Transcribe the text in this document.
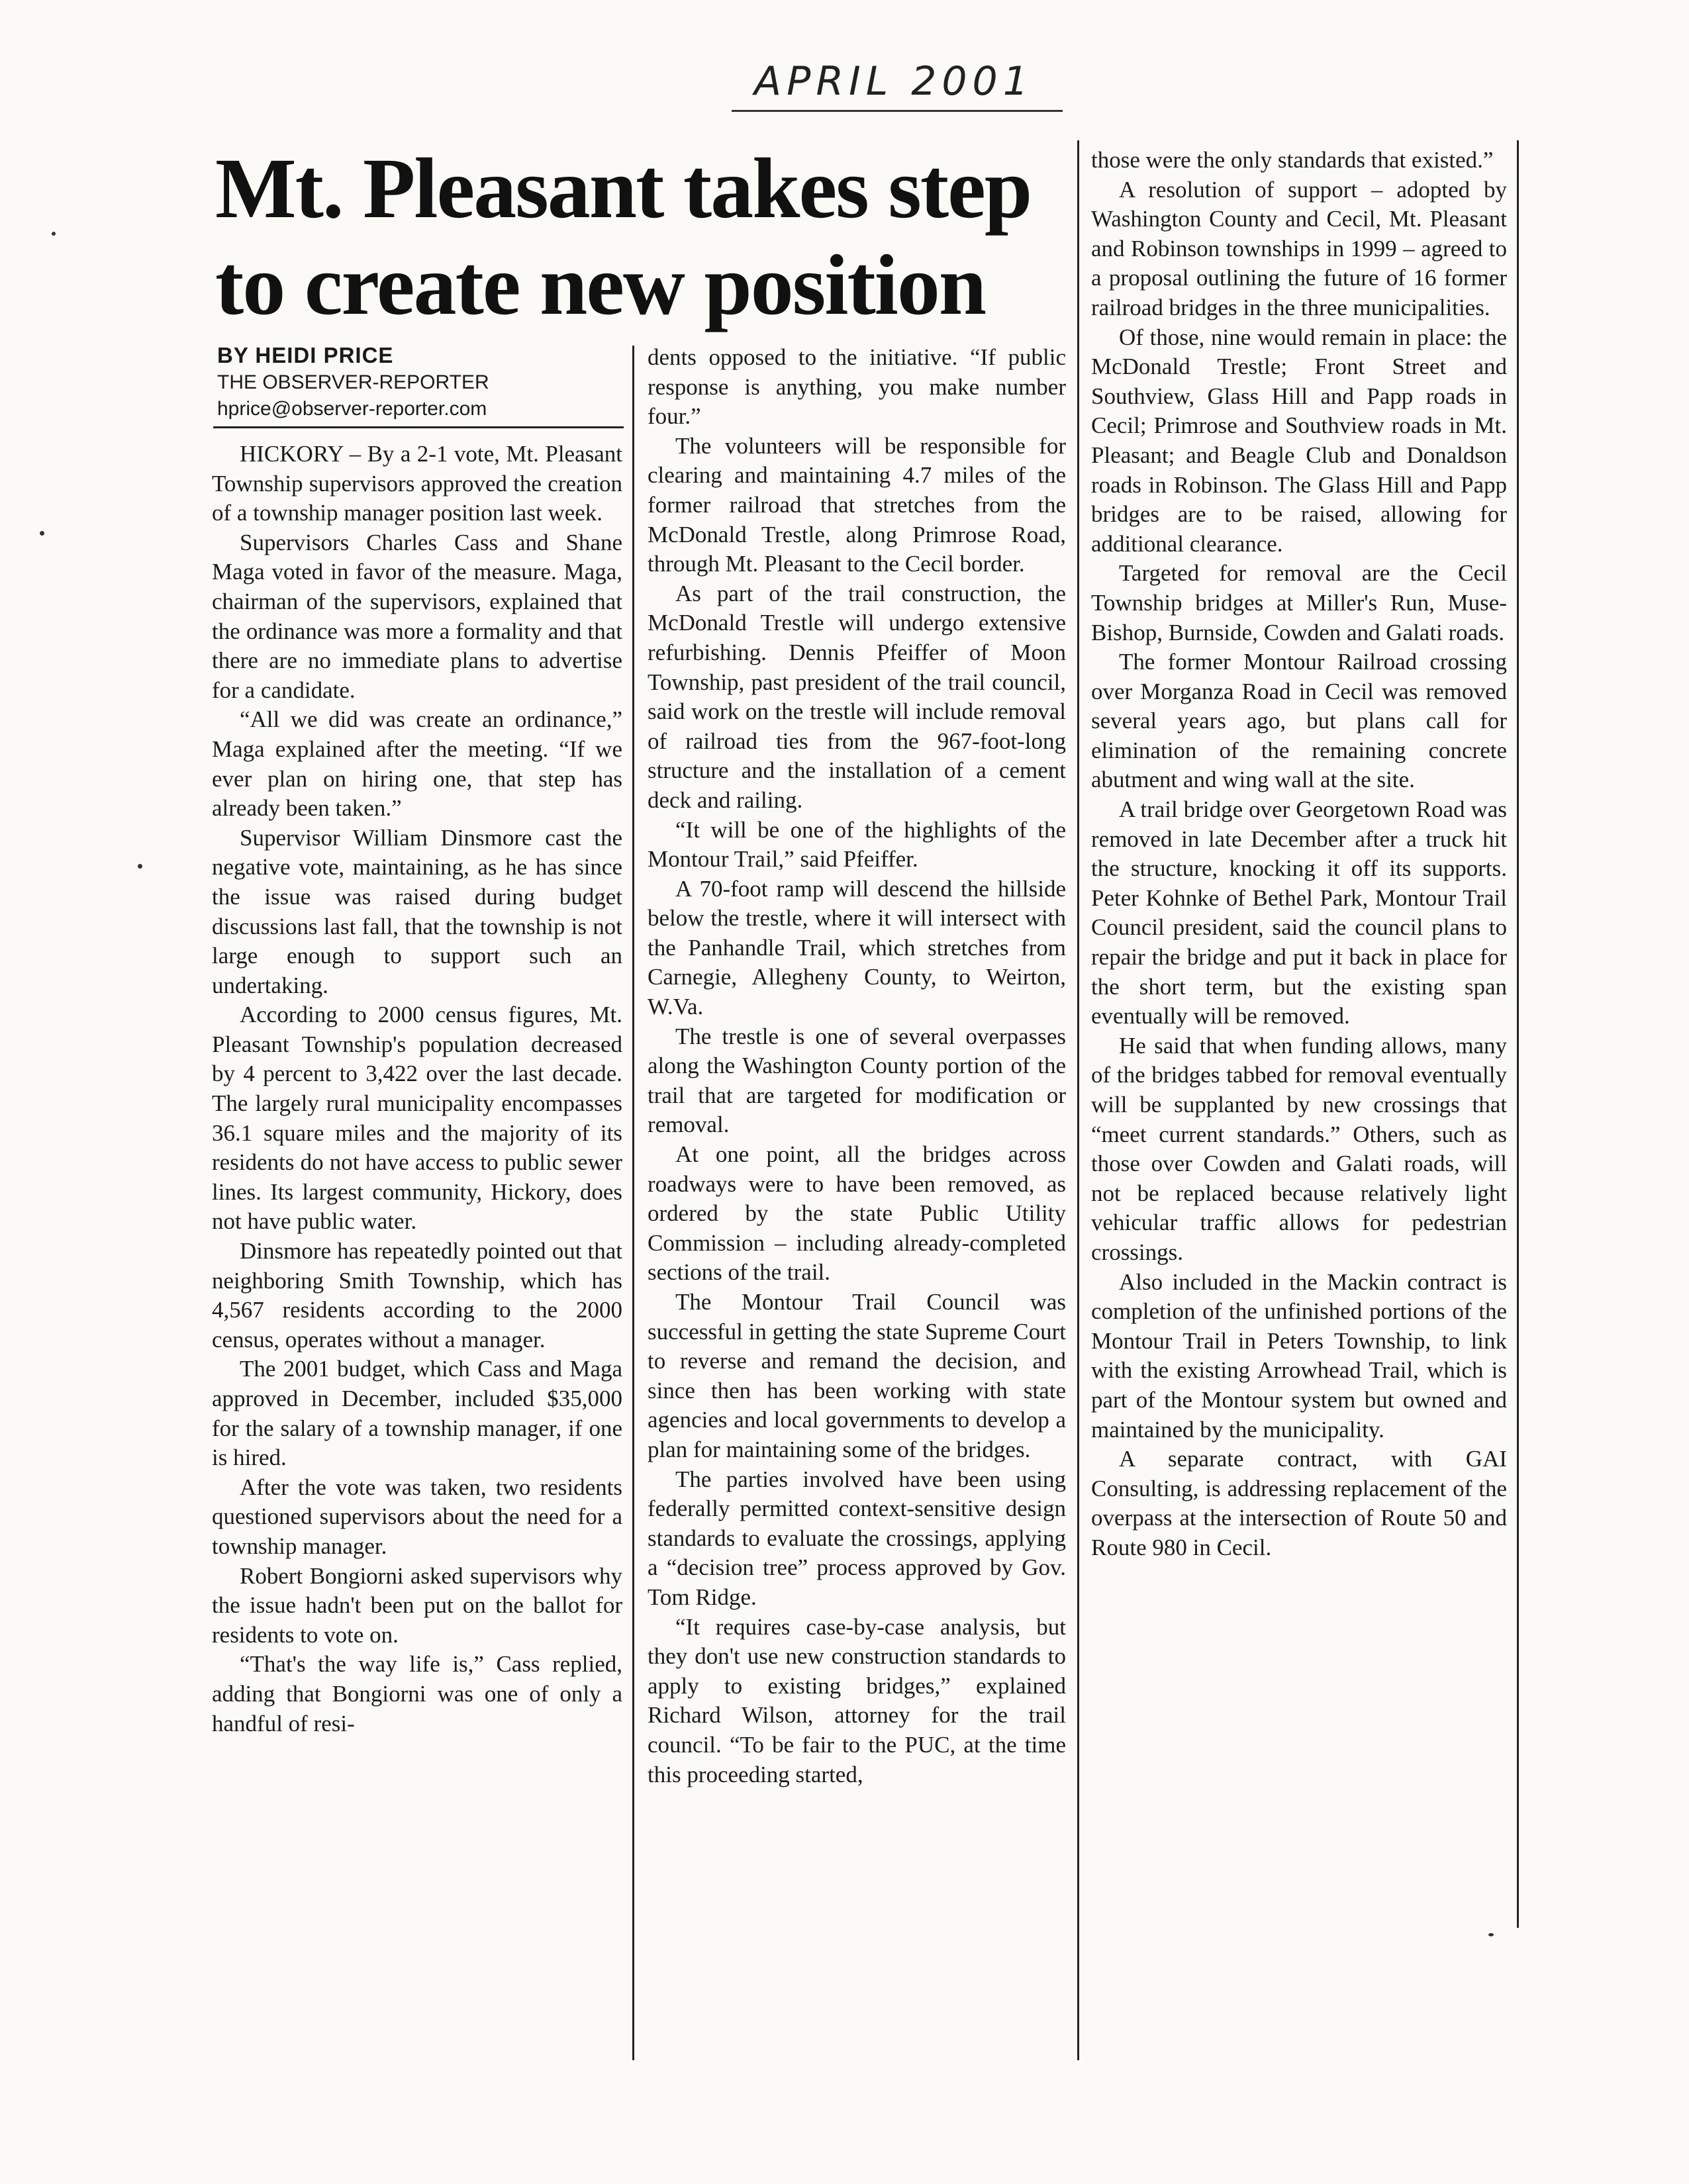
APRIL 2001
Mt. Pleasant takes step to create new position
BY HEIDI PRICE
THE OBSERVER-REPORTER
hprice@observer-reporter.com

HICKORY – By a 2-1 vote, Mt. Pleasant Township supervisors approved the creation of a township manager position last week.

Supervisors Charles Cass and Shane Maga voted in favor of the measure. Maga, chairman of the supervisors, explained that the ordinance was more a formality and that there are no immediate plans to advertise for a candidate.

“All we did was create an ordinance,” Maga explained after the meeting. “If we ever plan on hiring one, that step has already been taken.”

Supervisor William Dinsmore cast the negative vote, maintaining, as he has since the issue was raised during budget discussions last fall, that the township is not large enough to support such an undertaking.

According to 2000 census figures, Mt. Pleasant Township's population decreased by 4 percent to 3,422 over the last decade. The largely rural municipality encompasses 36.1 square miles and the majority of its residents do not have access to public sewer lines. Its largest community, Hickory, does not have public water.

Dinsmore has repeatedly pointed out that neighboring Smith Township, which has 4,567 residents according to the 2000 census, operates without a manager.

The 2001 budget, which Cass and Maga approved in December, included $35,000 for the salary of a township manager, if one is hired.

After the vote was taken, two residents questioned supervisors about the need for a township manager.

Robert Bongiorni asked supervisors why the issue hadn't been put on the ballot for residents to vote on.

“That's the way life is,” Cass replied, adding that Bongiorni was one of only a handful of resi-

dents opposed to the initiative. “If public response is anything, you make number four.”

The volunteers will be responsible for clearing and maintaining 4.7 miles of the former railroad that stretches from the McDonald Trestle, along Primrose Road, through Mt. Pleasant to the Cecil border.

As part of the trail construction, the McDonald Trestle will undergo extensive refurbishing. Dennis Pfeiffer of Moon Township, past president of the trail council, said work on the trestle will include removal of railroad ties from the 967-foot-long structure and the installation of a cement deck and railing.

“It will be one of the highlights of the Montour Trail,” said Pfeiffer.

A 70-foot ramp will descend the hillside below the trestle, where it will intersect with the Panhandle Trail, which stretches from Carnegie, Allegheny County, to Weirton, W.Va.

The trestle is one of several overpasses along the Washington County portion of the trail that are targeted for modification or removal.

At one point, all the bridges across roadways were to have been removed, as ordered by the state Public Utility Commission – including already-completed sections of the trail.

The Montour Trail Council was successful in getting the state Supreme Court to reverse and remand the decision, and since then has been working with state agencies and local governments to develop a plan for maintaining some of the bridges.

The parties involved have been using federally permitted context-sensitive design standards to evaluate the crossings, applying a “decision tree” process approved by Gov. Tom Ridge.

“It requires case-by-case analysis, but they don't use new construction standards to apply to existing bridges,” explained Richard Wilson, attorney for the trail council. “To be fair to the PUC, at the time this proceeding started,

those were the only standards that existed.”

A resolution of support – adopted by Washington County and Cecil, Mt. Pleasant and Robinson townships in 1999 – agreed to a proposal outlining the future of 16 former railroad bridges in the three municipalities.

Of those, nine would remain in place: the McDonald Trestle; Front Street and Southview, Glass Hill and Papp roads in Cecil; Primrose and Southview roads in Mt. Pleasant; and Beagle Club and Donaldson roads in Robinson. The Glass Hill and Papp bridges are to be raised, allowing for additional clearance.

Targeted for removal are the Cecil Township bridges at Miller's Run, Muse-Bishop, Burnside, Cowden and Galati roads.

The former Montour Railroad crossing over Morganza Road in Cecil was removed several years ago, but plans call for elimination of the remaining concrete abutment and wing wall at the site.

A trail bridge over Georgetown Road was removed in late December after a truck hit the structure, knocking it off its supports. Peter Kohnke of Bethel Park, Montour Trail Council president, said the council plans to repair the bridge and put it back in place for the short term, but the existing span eventually will be removed.

He said that when funding allows, many of the bridges tabbed for removal eventually will be supplanted by new crossings that “meet current standards.” Others, such as those over Cowden and Galati roads, will not be replaced because relatively light vehicular traffic allows for pedestrian crossings.

Also included in the Mackin contract is completion of the unfinished portions of the Montour Trail in Peters Township, to link with the existing Arrowhead Trail, which is part of the Montour system but owned and maintained by the municipality.

A separate contract, with GAI Consulting, is addressing replacement of the overpass at the intersection of Route 50 and Route 980 in Cecil.
